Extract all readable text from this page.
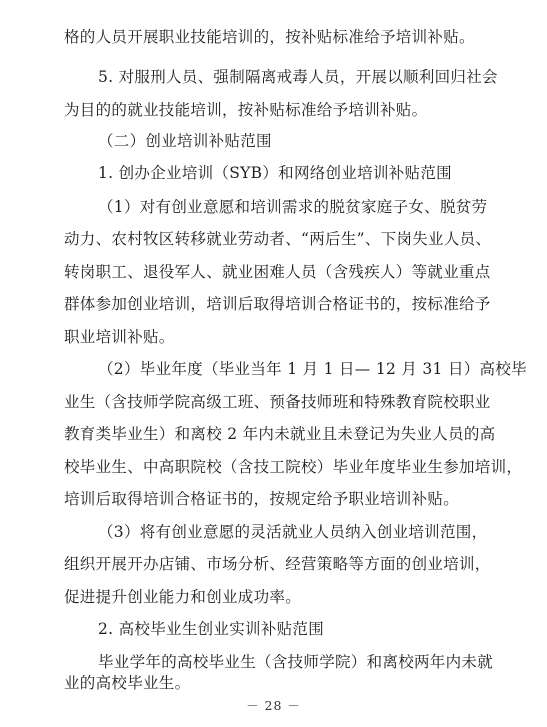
格的人员开展职业技能培训的，按补贴标准给予培训补贴。
5. 对服刑人员、强制隔离戒毒人员，开展以顺利回归社会
为目的的就业技能培训，按补贴标准给予培训补贴。
（二）创业培训补贴范围
1. 创办企业培训（SYB）和网络创业培训补贴范围
（1）对有创业意愿和培训需求的脱贫家庭子女、脱贫劳
动力、农村牧区转移就业劳动者、“两后生”、下岗失业人员、
转岗职工、退役军人、就业困难人员（含残疾人）等就业重点
群体参加创业培训，培训后取得培训合格证书的，按标准给予
职业培训补贴。
（2）毕业年度（毕业当年 1 月 1 日— 12 月 31 日）高校毕
业生（含技师学院高级工班、预备技师班和特殊教育院校职业
教育类毕业生）和离校 2 年内未就业且未登记为失业人员的高
校毕业生、中高职院校（含技工院校）毕业年度毕业生参加培训，
培训后取得培训合格证书的，按规定给予职业培训补贴。
（3）将有创业意愿的灵活就业人员纳入创业培训范围，
组织开展开办店铺、市场分析、经营策略等方面的创业培训，
促进提升创业能力和创业成功率。
2. 高校毕业生创业实训补贴范围
毕业学年的高校毕业生（含技师学院）和离校两年内未就
业的高校毕业生。
－ 28 －
